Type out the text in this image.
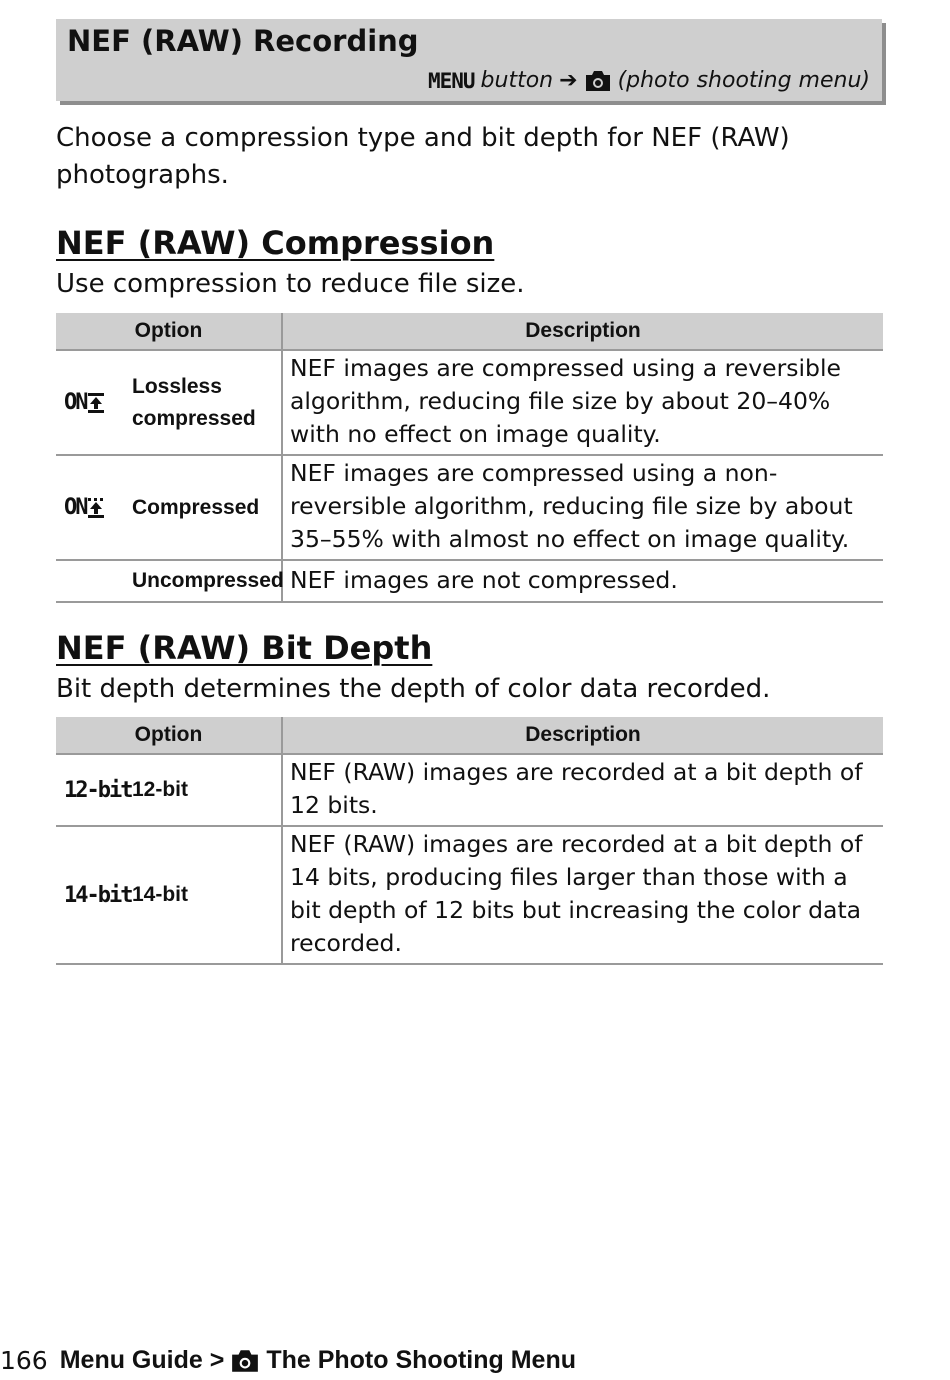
NEF (RAW) Recording
MENU button ➔ (photo shooting menu)
Choose a compression type and bit depth for NEF (RAW) photographs.
NEF (RAW) Compression
Use compression to reduce file size.
Option	Description

ON
Lossless compressed	NEF images are compressed using a reversible algorithm, reducing file size by about 20–40% with no effect on image quality.

ON Compressed	NEF images are compressed using a non-reversible algorithm, reducing file size by about 35–55% with almost no effect on image quality.

Uncompressed	NEF images are not compressed.
NEF (RAW) Bit Depth
Bit depth determines the depth of color data recorded.
Option	Description

12-bit 12-bit	NEF (RAW) images are recorded at a bit depth of 12 bits.

14-bit 14-bit	NEF (RAW) images are recorded at a bit depth of 14 bits, producing files larger than those with a bit depth of 12 bits but increasing the color data recorded.
166 Menu Guide > The Photo Shooting Menu
